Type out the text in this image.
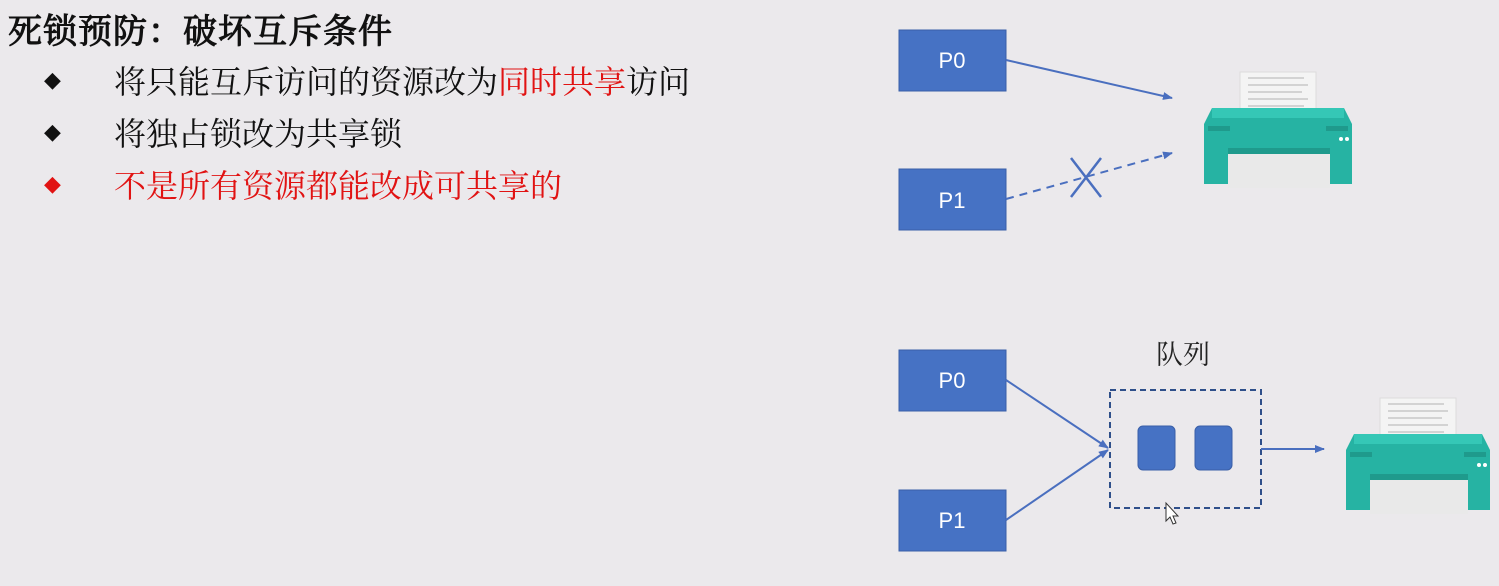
死锁预防：破坏互斥条件
◆	将只能互斥访问的资源改为同时共享访问
◆	将独占锁改为共享锁
◆	不是所有资源都能改成可共享的
P0
P1
P0
P1
队列
